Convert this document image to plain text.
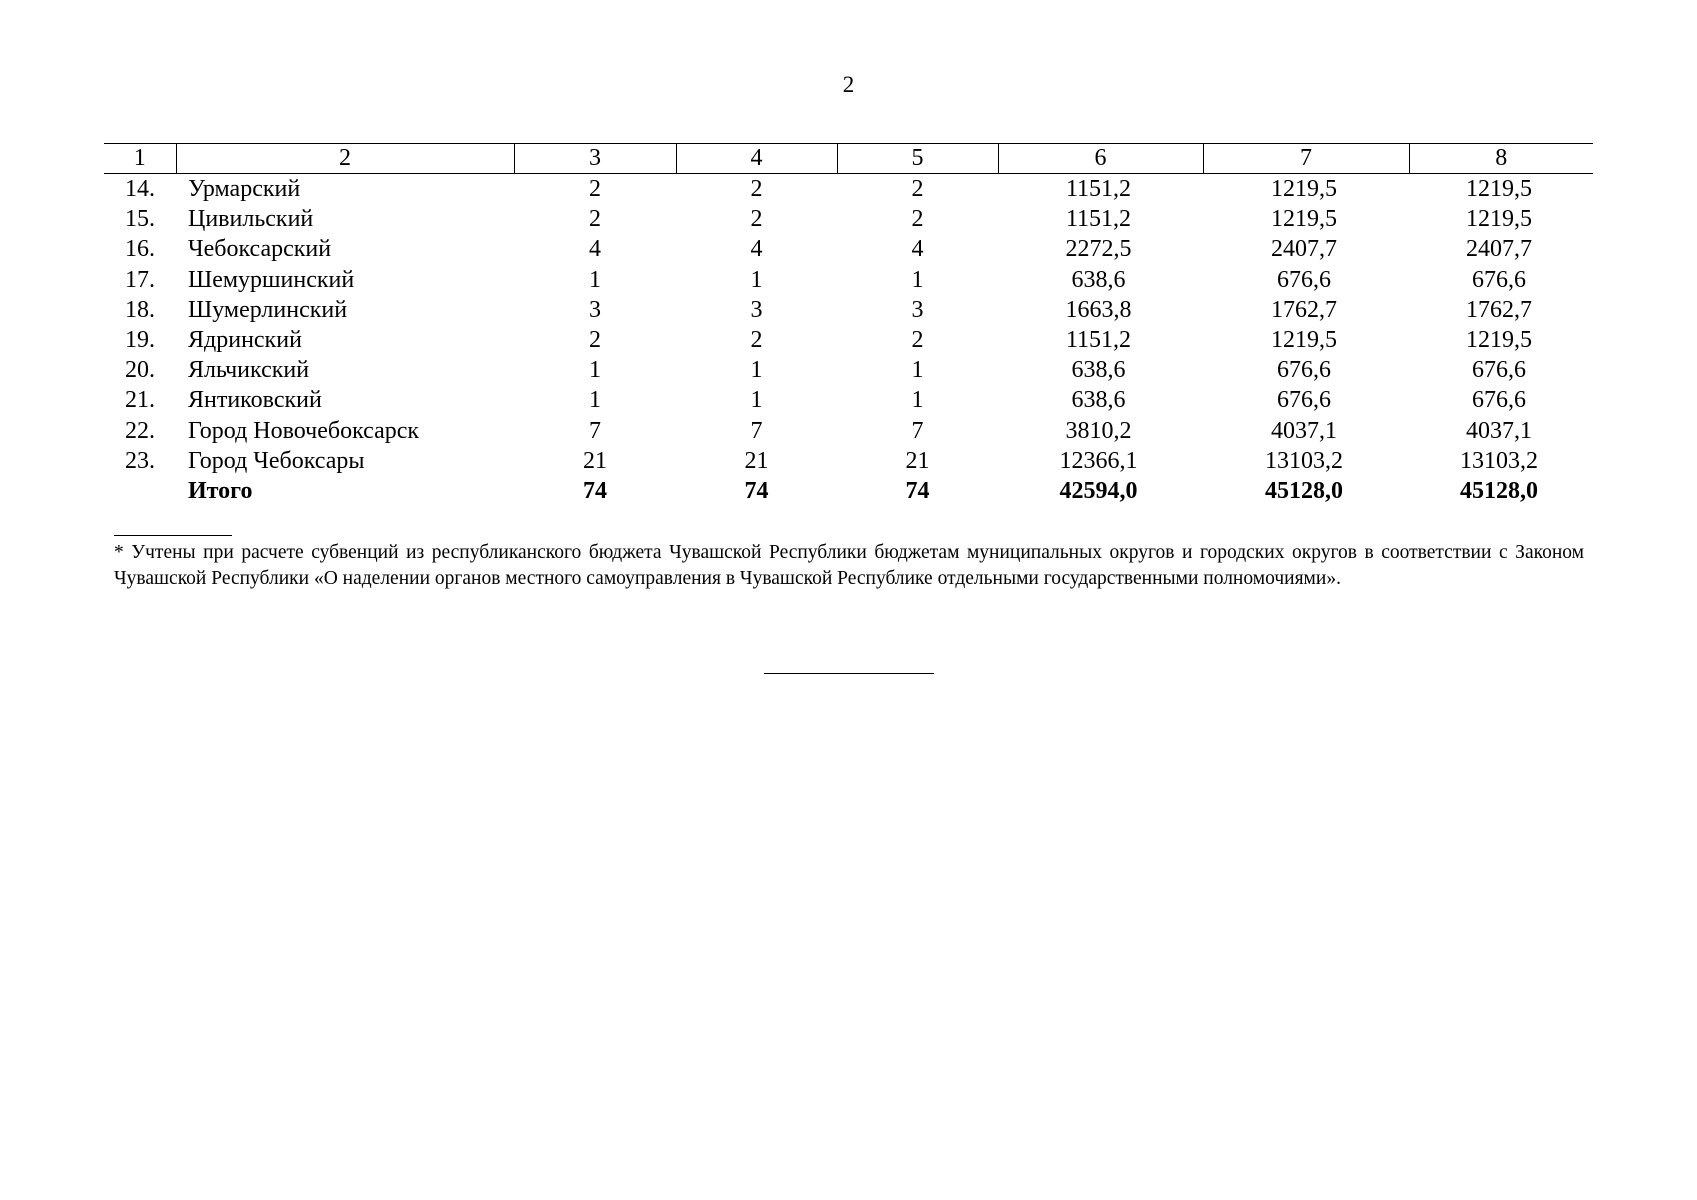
2
1	2	3	4	5	6	7	8
14.	Урмарский	2	2	2	1151,2	1219,5	1219,5
15.	Цивильский	2	2	2	1151,2	1219,5	1219,5
16.	Чебоксарский	4	4	4	2272,5	2407,7	2407,7
17.	Шемуршинский	1	1	1	638,6	676,6	676,6
18.	Шумерлинский	3	3	3	1663,8	1762,7	1762,7
19.	Ядринский	2	2	2	1151,2	1219,5	1219,5
20.	Яльчикский	1	1	1	638,6	676,6	676,6
21.	Янтиковский	1	1	1	638,6	676,6	676,6
22.	Город Новочебоксарск	7	7	7	3810,2	4037,1	4037,1
23.	Город Чебоксары	21	21	21	12366,1	13103,2	13103,2
	Итого	74	74	74	42594,0	45128,0	45128,0
* Учтены при расчете субвенций из республиканского бюджета Чувашской Республики бюджетам муниципальных округов и городских округов в соответствии с Законом Чувашской Республики «О наделении органов местного самоуправления в Чувашской Республике отдельными государственными полномочиями».
